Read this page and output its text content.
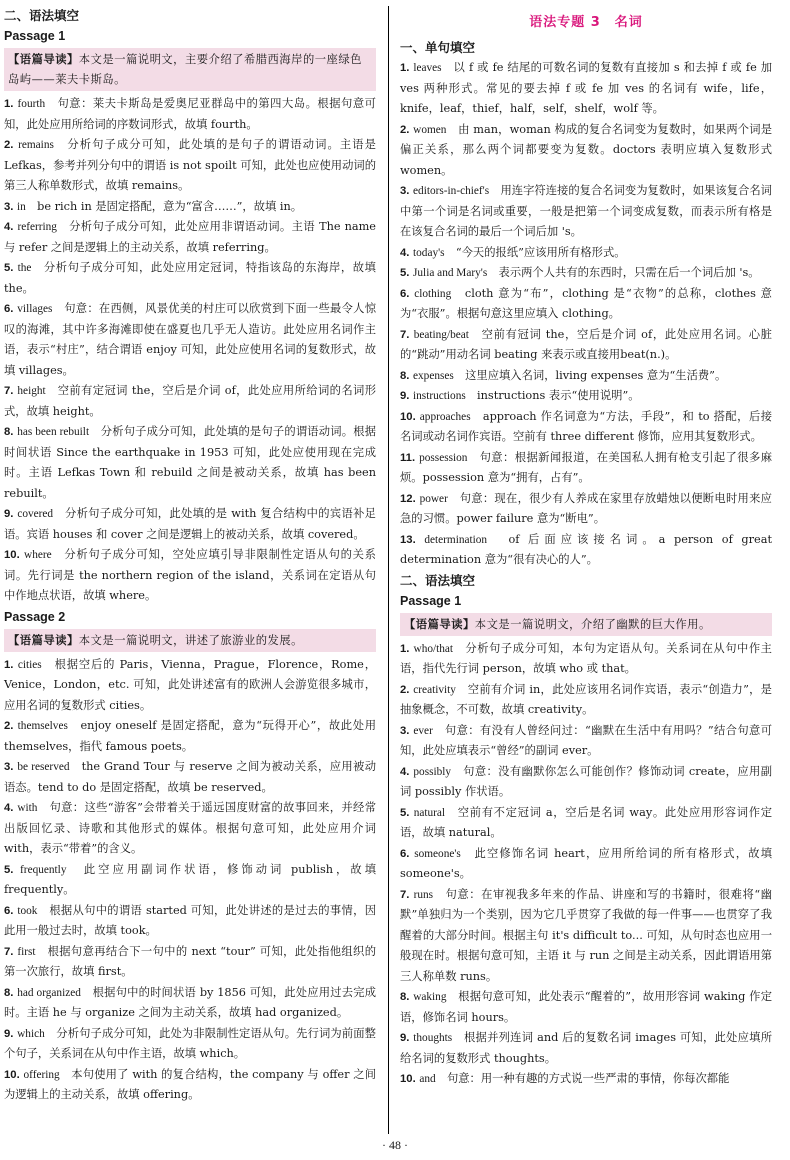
二、语法填空
Passage 1
【语篇导读】本文是一篇说明文，主要介绍了希腊西海岸的一座绿色岛屿——莱夫卡斯岛。

1. fourth　 句意：莱夫卡斯岛是爱奥尼亚群岛中的第四大岛。根据句意可知，此处应用所给词的序数词形式，故填 fourth。

2. remains　 分析句子成分可知，此处填的是句子的谓语动词。主语是 Lefkas，参考并列分句中的谓语 is not spoilt 可知，此处也应使用动词的第三人称单数形式，故填 remains。

3. in　 be rich in 是固定搭配，意为“富含……”，故填 in。

4. referring　 分析句子成分可知，此处应用非谓语动词。主语 The name 与 refer 之间是逻辑上的主动关系，故填 referring。

5. the　 分析句子成分可知，此处应用定冠词，特指该岛的东海岸，故填 the。

6. villages　 句意：在西侧，风景优美的村庄可以欣赏到下面一些最令人惊叹的海滩，其中许多海滩即使在盛夏也几乎无人造访。此处应用名词作主语，表示“村庄”，结合谓语 enjoy 可知，此处应使用名词的复数形式，故填 villages。

7. height　 空前有定冠词 the，空后是介词 of，此处应用所给词的名词形式，故填 height。

8. has been rebuilt　 分析句子成分可知，此处填的是句子的谓语动词。根据时间状语 Since the earthquake in 1953 可知，此处应使用现在完成时。主语 Lefkas Town 和 rebuild 之间是被动关系，故填 has been rebuilt。

9. covered　 分析句子成分可知，此处填的是 with 复合结构中的宾语补足语。宾语 houses 和 cover 之间是逻辑上的被动关系，故填 covered。

10. where　 分析句子成分可知，空处应填引导非限制性定语从句的关系词。先行词是 the northern region of the island，关系词在定语从句中作地点状语，故填 where。

Passage 2
【语篇导读】本文是一篇说明文，讲述了旅游业的发展。

1. cities　 根据空后的 Paris，Vienna，Prague，Florence，Rome，Venice，London，etc. 可知，此处讲述富有的欧洲人会游览很多城市，应用名词的复数形式 cities。

2. themselves　 enjoy oneself 是固定搭配，意为“玩得开心”，故此处用 themselves，指代 famous poets。

3. be reserved　 the Grand Tour 与 reserve 之间为被动关系，应用被动语态。tend to do 是固定搭配，故填 be reserved。

4. with　 句意：这些“游客”会带着关于遥远国度财富的故事回来，并经常出版回忆录、诗歌和其他形式的媒体。根据句意可知，此处应用介词 with，表示“带着”的含义。

5. frequently　 此空应用副词作状语，修饰动词 publish，故填 frequently。

6. took　 根据从句中的谓语 started 可知，此处讲述的是过去的事情，因此用一般过去时，故填 took。

7. first　 根据句意再结合下一句中的 next “tour” 可知，此处指他组织的第一次旅行，故填 first。

8. had organized　 根据句中的时间状语 by 1856 可知，此处应用过去完成时。主语 he 与 organize 之间为主动关系，故填 had organized。

9. which　 分析句子成分可知，此处为非限制性定语从句。先行词为前面整个句子，关系词在从句中作主语，故填 which。

10. offering　 本句使用了 with 的复合结构，the company 与 offer 之间为逻辑上的主动关系，故填 offering。

语法专题 3　名词
一、单句填空

1. leaves　 以 f 或 fe 结尾的可数名词的复数有直接加 s 和去掉 f 或 fe 加 ves 两种形式。常见的要去掉 f 或 fe 加 ves 的名词有 wife，life，knife，leaf，thief，half，self，shelf，wolf 等。

2. women　 由 man，woman 构成的复合名词变为复数时，如果两个词是偏正关系，那么两个词都要变为复数。doctors 表明应填入复数形式 women。

3. editors-in-chief's　 用连字符连接的复合名词变为复数时，如果该复合名词中第一个词是名词或重要，一般是把第一个词变成复数，而表示所有格是在该复合名词的最后一个词后加 's。

4. today's　 “今天的报纸”应该用所有格形式。

5. Julia and Mary's　 表示两个人共有的东西时，只需在后一个词后加 's。

6. clothing　 cloth 意为“布”，clothing 是“衣物”的总称，clothes 意为“衣服”。根据句意这里应填入 clothing。

7. beating/beat　 空前有冠词 the，空后是介词 of，此处应用名词。心脏的“跳动”用动名词 beating 来表示或直接用beat(n.)。

8. expenses　 这里应填入名词，living expenses 意为“生活费”。

9. instructions　 instructions 表示“使用说明”。

10. approaches　 approach 作名词意为“方法，手段”，和 to 搭配，后接名词或动名词作宾语。空前有 three different 修饰，应用其复数形式。

11. possession　 句意：根据新闻报道，在美国私人拥有枪支引起了很多麻烦。possession 意为“拥有，占有”。

12. power　 句意：现在，很少有人养成在家里存放蜡烛以便断电时用来应急的习惯。power failure 意为“断电”。

13. determination　 of 后面应该接名词。a person of great determination 意为“很有决心的人”。

二、语法填空
Passage 1
【语篇导读】本文是一篇说明文，介绍了幽默的巨大作用。

1. who/that　 分析句子成分可知，本句为定语从句。关系词在从句中作主语，指代先行词 person，故填 who 或 that。

2. creativity　 空前有介词 in，此处应该用名词作宾语，表示“创造力”，是抽象概念，不可数，故填 creativity。

3. ever　 句意：有没有人曾经问过：“幽默在生活中有用吗？”结合句意可知，此处应填表示“曾经”的副词 ever。

4. possibly　 句意：没有幽默你怎么可能创作？修饰动词 create，应用副词 possibly 作状语。

5. natural　 空前有不定冠词 a，空后是名词 way。此处应用形容词作定语，故填 natural。

6. someone's　 此空修饰名词 heart，应用所给词的所有格形式，故填 someone's。

7. runs　 句意：在审视我多年来的作品、讲座和写的书籍时，很难将“幽默”单独归为一个类别，因为它几乎贯穿了我做的每一件事——也贯穿了我醒着的大部分时间。根据主句 it's difficult to... 可知，从句时态也应用一般现在时。根据句意可知，主语 it 与 run 之间是主动关系，因此谓语用第三人称单数 runs。

8. waking　 根据句意可知，此处表示“醒着的”，故用形容词 waking 作定语，修饰名词 hours。

9. thoughts　 根据并列连词 and 后的复数名词 images 可知，此处应填所给名词的复数形式 thoughts。

10. and　 句意：用一种有趣的方式说一些严肃的事情，你每次都能

· 48 ·
